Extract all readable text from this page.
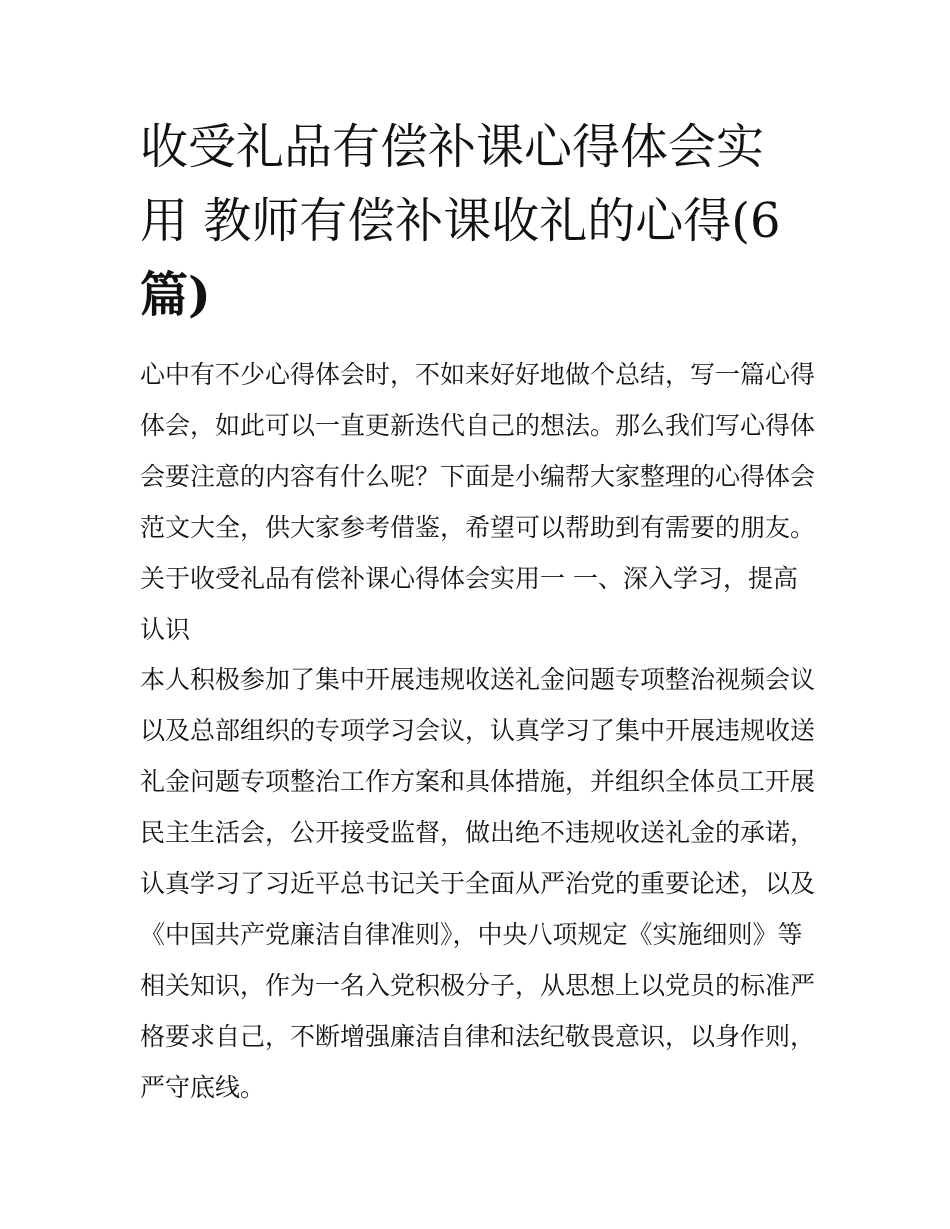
收受礼品有偿补课心得体会实
用 教师有偿补课收礼的心得(6
篇)
心中有不少心得体会时，不如来好好地做个总结，写一篇心得
体会，如此可以一直更新迭代自己的想法。那么我们写心得体
会要注意的内容有什么呢？下面是小编帮大家整理的心得体会
范文大全，供大家参考借鉴，希望可以帮助到有需要的朋友。
关于收受礼品有偿补课心得体会实用一 一、深入学习，提高
认识
本人积极参加了集中开展违规收送礼金问题专项整治视频会议
以及总部组织的专项学习会议，认真学习了集中开展违规收送
礼金问题专项整治工作方案和具体措施，并组织全体员工开展
民主生活会，公开接受监督，做出绝不违规收送礼金的承诺，
认真学习了习近平总书记关于全面从严治党的重要论述，以及
《中国共产党廉洁自律准则》，中央八项规定《实施细则》等
相关知识，作为一名入党积极分子，从思想上以党员的标准严
格要求自己，不断增强廉洁自律和法纪敬畏意识，以身作则，
严守底线。
